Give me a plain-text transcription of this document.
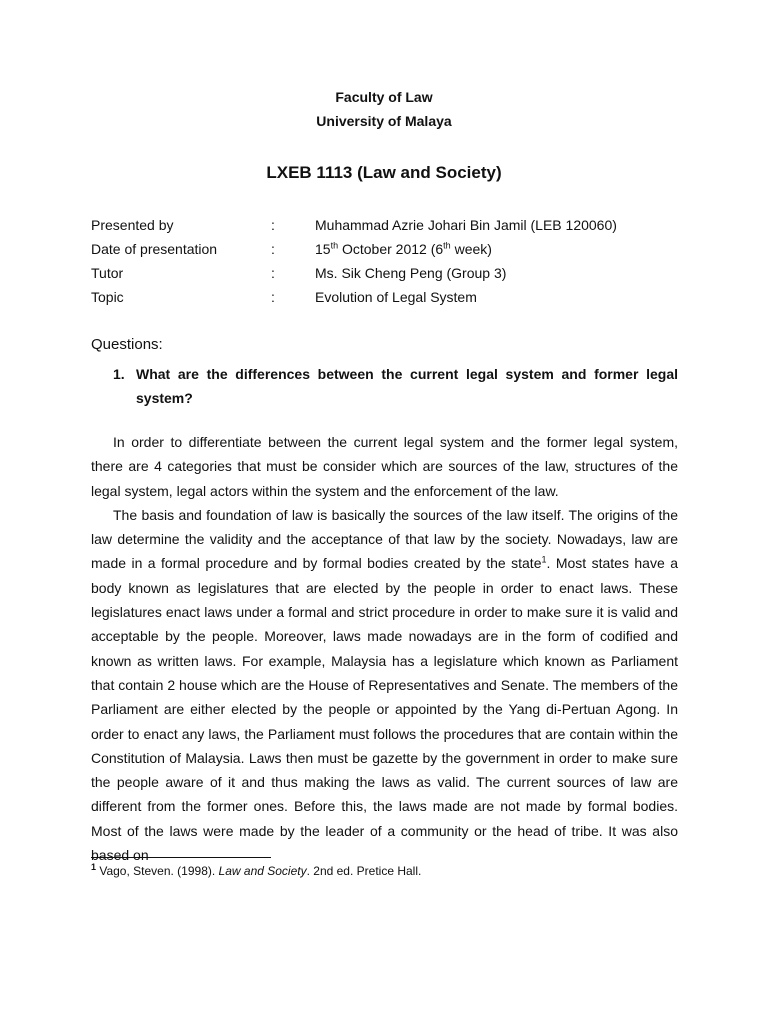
Faculty of Law
University of Malaya
LXEB 1113 (Law and Society)
Presented by	:	Muhammad Azrie Johari Bin Jamil (LEB 120060)
Date of presentation	:	15th October 2012 (6th week)
Tutor	:	Ms. Sik Cheng Peng (Group 3)
Topic	:	Evolution of Legal System
Questions:
1. What are the differences between the current legal system and former legal system?

In order to differentiate between the current legal system and the former legal system, there are 4 categories that must be consider which are sources of the law, structures of the legal system, legal actors within the system and the enforcement of the law.

The basis and foundation of law is basically the sources of the law itself. The origins of the law determine the validity and the acceptance of that law by the society. Nowadays, law are made in a formal procedure and by formal bodies created by the state$^1$. Most states have a body known as legislatures that are elected by the people in order to enact laws. These legislatures enact laws under a formal and strict procedure in order to make sure it is valid and acceptable by the people. Moreover, laws made nowadays are in the form of codified and known as written laws. For example, Malaysia has a legislature which known as Parliament that contain 2 house which are the House of Representatives and Senate. The members of the Parliament are either elected by the people or appointed by the Yang di-Pertuan Agong. In order to enact any laws, the Parliament must follows the procedures that are contain within the Constitution of Malaysia. Laws then must be gazette by the government in order to make sure the people aware of it and thus making the laws as valid. The current sources of law are different from the former ones. Before this, the laws made are not made by formal bodies. Most of the laws were made by the leader of a community or the head of tribe. It was also based on

$^1$ Vago, Steven. (1998). Law and Society. 2nd ed. Pretice Hall.
